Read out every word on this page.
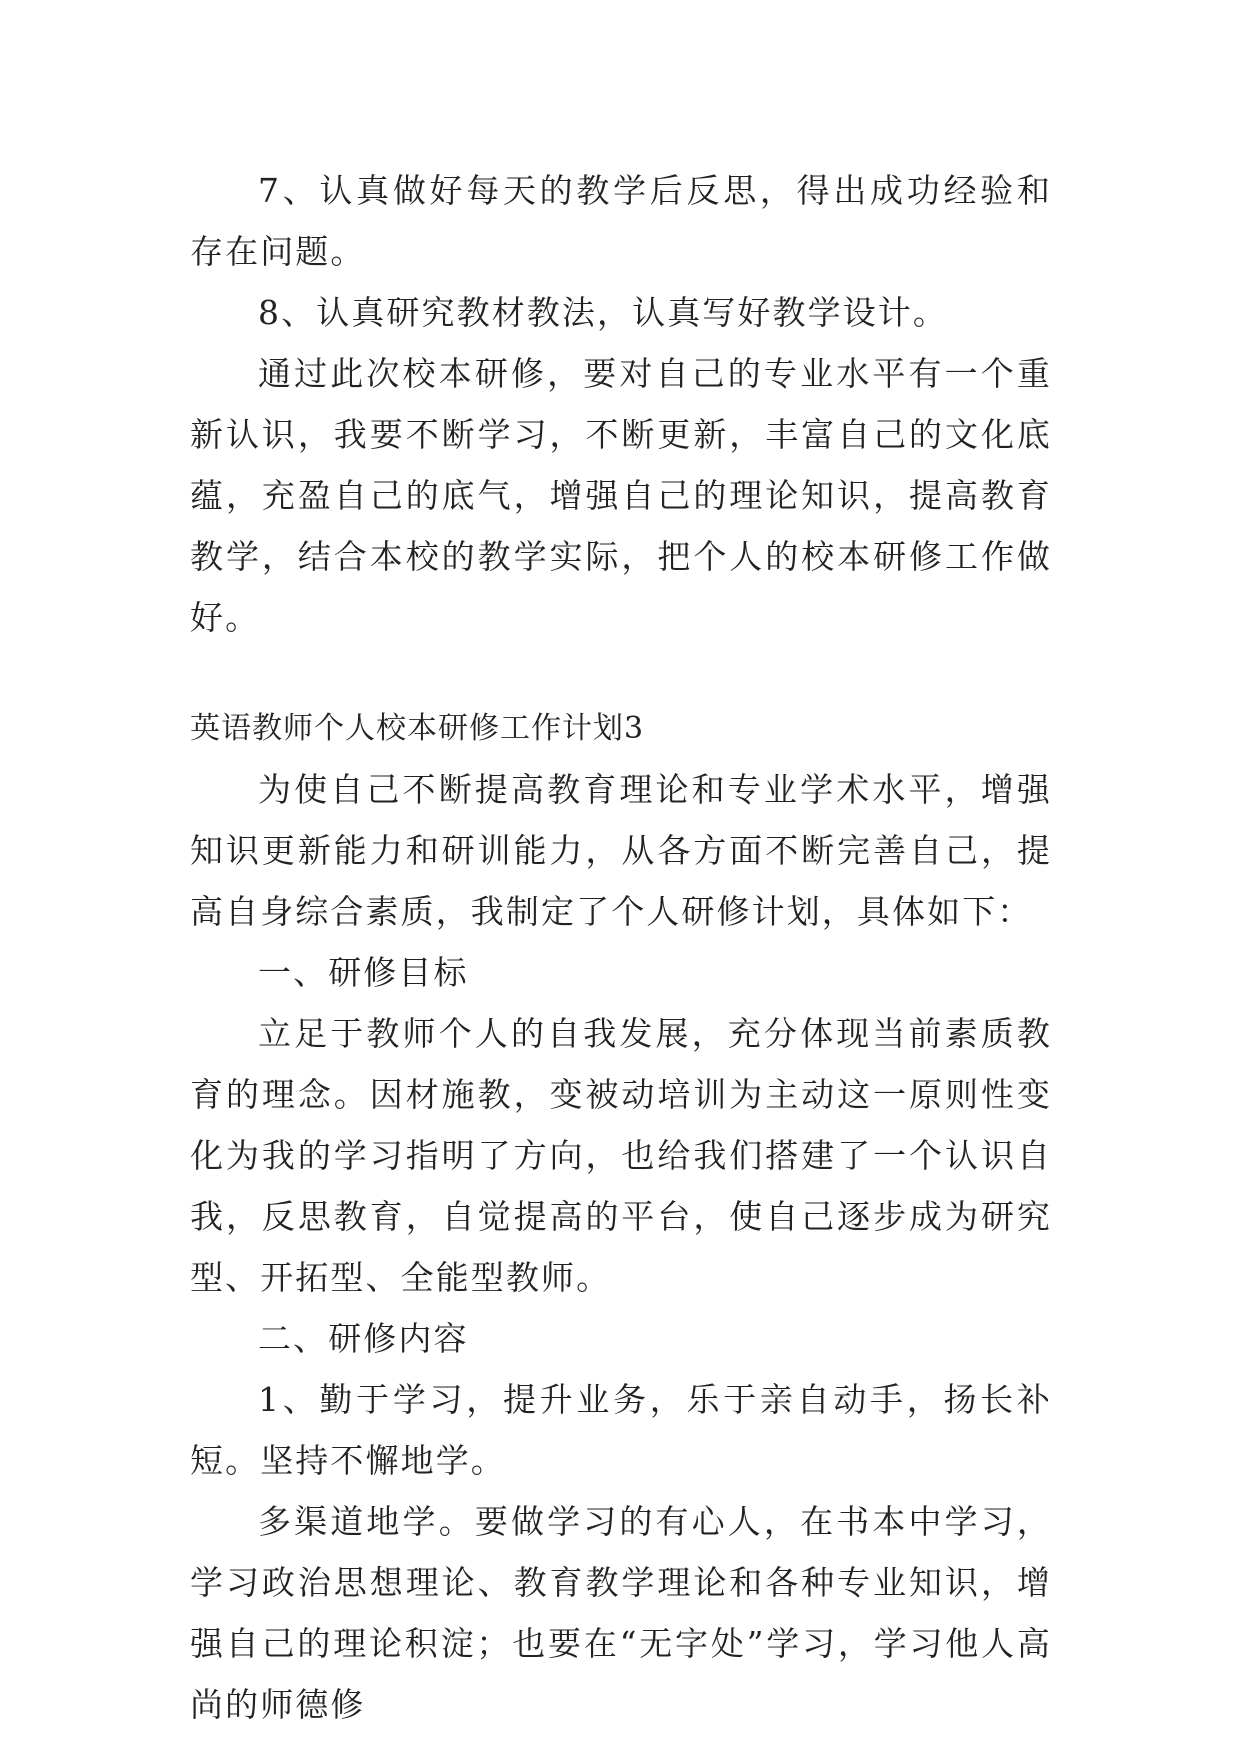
7、认真做好每天的教学后反思，得出成功经验和存在问题。

8、认真研究教材教法，认真写好教学设计。

通过此次校本研修，要对自己的专业水平有一个重新认识，我要不断学习，不断更新，丰富自己的文化底蕴，充盈自己的底气，增强自己的理论知识，提高教育教学，结合本校的教学实际，把个人的校本研修工作做好。

英语教师个人校本研修工作计划3

为使自己不断提高教育理论和专业学术水平，增强知识更新能力和研训能力，从各方面不断完善自己，提高自身综合素质，我制定了个人研修计划，具体如下：

一、研修目标

立足于教师个人的自我发展，充分体现当前素质教育的理念。因材施教，变被动培训为主动这一原则性变化为我的学习指明了方向，也给我们搭建了一个认识自我，反思教育，自觉提高的平台，使自己逐步成为研究型、开拓型、全能型教师。

二、研修内容

1、勤于学习，提升业务，乐于亲自动手，扬长补短。坚持不懈地学。

多渠道地学。要做学习的有心人，在书本中学习，学习政治思想理论、教育教学理论和各种专业知识，增强自己的理论积淀；也要在“无字处”学习，学习他人高尚的师德修
